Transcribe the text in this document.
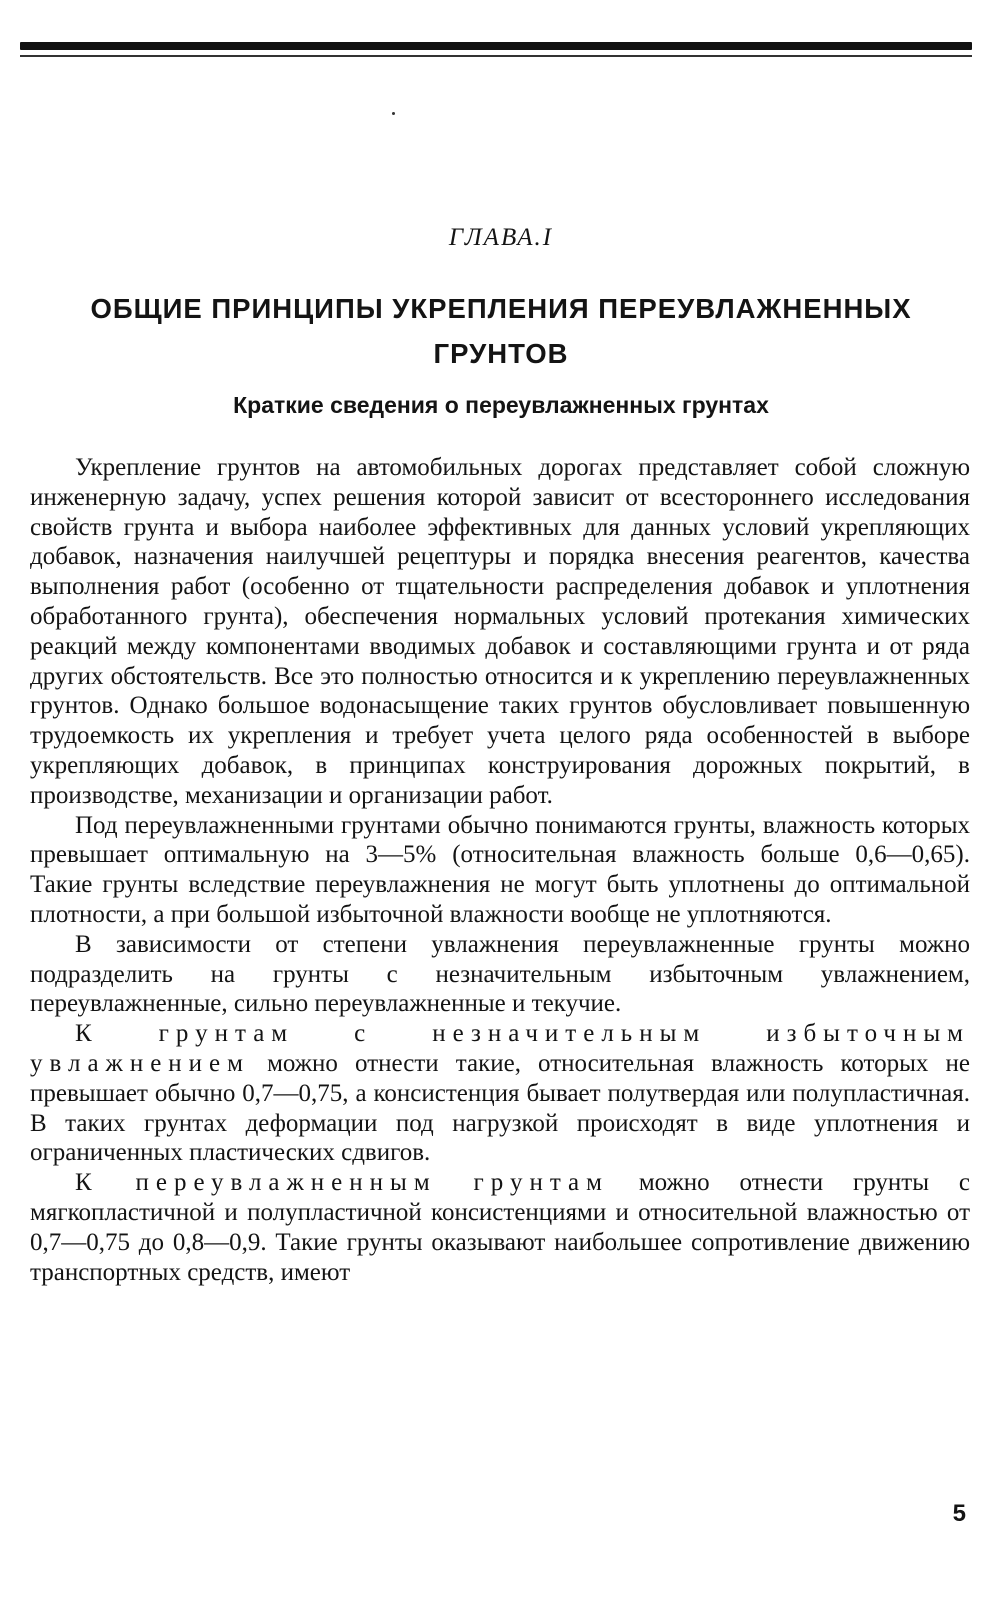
ГЛАВА.I
ОБЩИЕ ПРИНЦИПЫ УКРЕПЛЕНИЯ ПЕРЕУВЛАЖНЕННЫХ ГРУНТОВ
Краткие сведения о переувлажненных грунтах

Укрепление грунтов на автомобильных дорогах представляет собой сложную инженерную задачу, успех решения которой зависит от всестороннего исследования свойств грунта и выбора наиболее эффективных для данных условий укрепляющих добавок, назначения наилучшей рецептуры и порядка внесения реагентов, качества выполнения работ (особенно от тщательности распределения добавок и уплотнения обработанного грунта), обеспечения нормальных условий протекания химических реакций между компонентами вводимых добавок и составляющими грунта и от ряда других обстоятельств. Все это полностью относится и к укреплению переувлажненных грунтов. Однако большое водонасыщение таких грунтов обусловливает повышенную трудоемкость их укрепления и требует учета целого ряда особенностей в выборе укрепляющих добавок, в принципах конструирования дорожных покрытий, в производстве, механизации и организации работ.

Под переувлажненными грунтами обычно понимаются грунты, влажность которых превышает оптимальную на 3—5% (относительная влажность больше 0,6—0,65). Такие грунты вследствие переувлажнения не могут быть уплотнены до оптимальной плотности, а при большой избыточной влажности вообще не уплотняются.

В зависимости от степени увлажнения переувлажненные грунты можно подразделить на грунты с незначительным избыточным увлажнением, переувлажненные, сильно переувлажненные и текучие.

К грунтам с незначительным избыточным увлажнением можно отнести такие, относительная влажность которых не превышает обычно 0,7—0,75, а консистенция бывает полутвердая или полупластичная. В таких грунтах деформации под нагрузкой происходят в виде уплотнения и ограниченных пластических сдвигов.

К переувлажненным грунтам можно отнести грунты с мягкопластичной и полупластичной консистенциями и относительной влажностью от 0,7—0,75 до 0,8—0,9. Такие грунты оказывают наибольшее сопротивление движению транспортных средств, имеют

5
